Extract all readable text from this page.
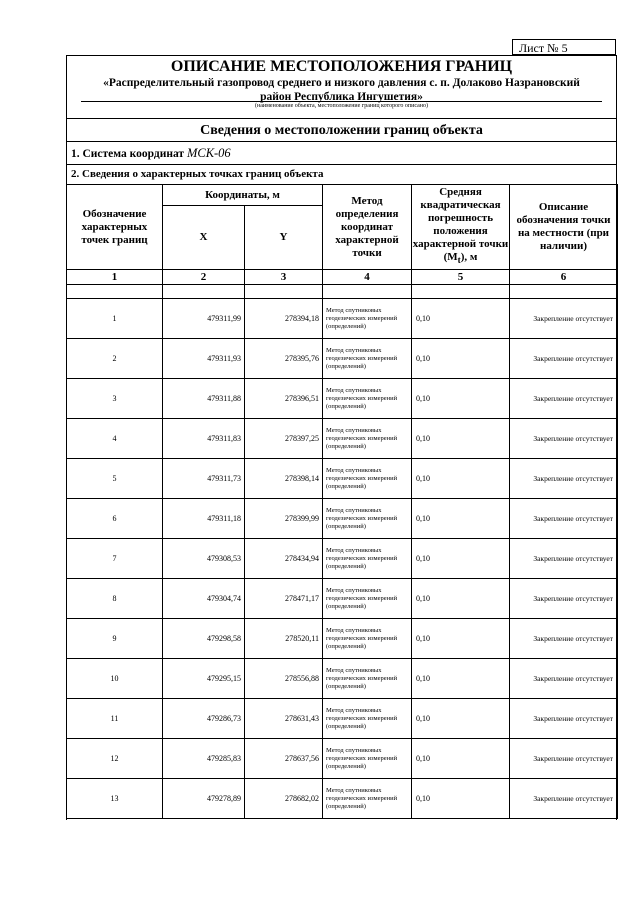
Лист № 5
ОПИСАНИЕ МЕСТОПОЛОЖЕНИЯ ГРАНИЦ
«Распределительный газопровод среднего и низкого давления с. п. Долаково Назрановский
район Республика Ингушетия»
(наименование объекта, местоположение границ которого описано)
Сведения о местоположении границ объекта
1. Система координат МСК-06
2. Сведения о характерных точках границ объекта
Обозначение характерных точек границ	Координаты, м		Метод определения координат характерной точки	Средняя квадратическая погрешность положения характерной точки $(M_t)$, м	Описание обозначения точки на местности (при наличии)
	X	Y			
1	2	3	4	5	6

1	479311,99	278394,18	Метод спутниковых геодезических измерений (определений)	0,10	Закрепление отсутствует
2	479311,93	278395,76	Метод спутниковых геодезических измерений (определений)	0,10	Закрепление отсутствует
3	479311,88	278396,51	Метод спутниковых геодезических измерений (определений)	0,10	Закрепление отсутствует
4	479311,83	278397,25	Метод спутниковых геодезических измерений (определений)	0,10	Закрепление отсутствует
5	479311,73	278398,14	Метод спутниковых геодезических измерений (определений)	0,10	Закрепление отсутствует
6	479311,18	278399,99	Метод спутниковых геодезических измерений (определений)	0,10	Закрепление отсутствует
7	479308,53	278434,94	Метод спутниковых геодезических измерений (определений)	0,10	Закрепление отсутствует
8	479304,74	278471,17	Метод спутниковых геодезических измерений (определений)	0,10	Закрепление отсутствует
9	479298,58	278520,11	Метод спутниковых геодезических измерений (определений)	0,10	Закрепление отсутствует
10	479295,15	278556,88	Метод спутниковых геодезических измерений (определений)	0,10	Закрепление отсутствует
11	479286,73	278631,43	Метод спутниковых геодезических измерений (определений)	0,10	Закрепление отсутствует
12	479285,83	278637,56	Метод спутниковых геодезических измерений (определений)	0,10	Закрепление отсутствует
13	479278,89	278682,02	Метод спутниковых геодезических измерений (определений)	0,10	Закрепление отсутствует
